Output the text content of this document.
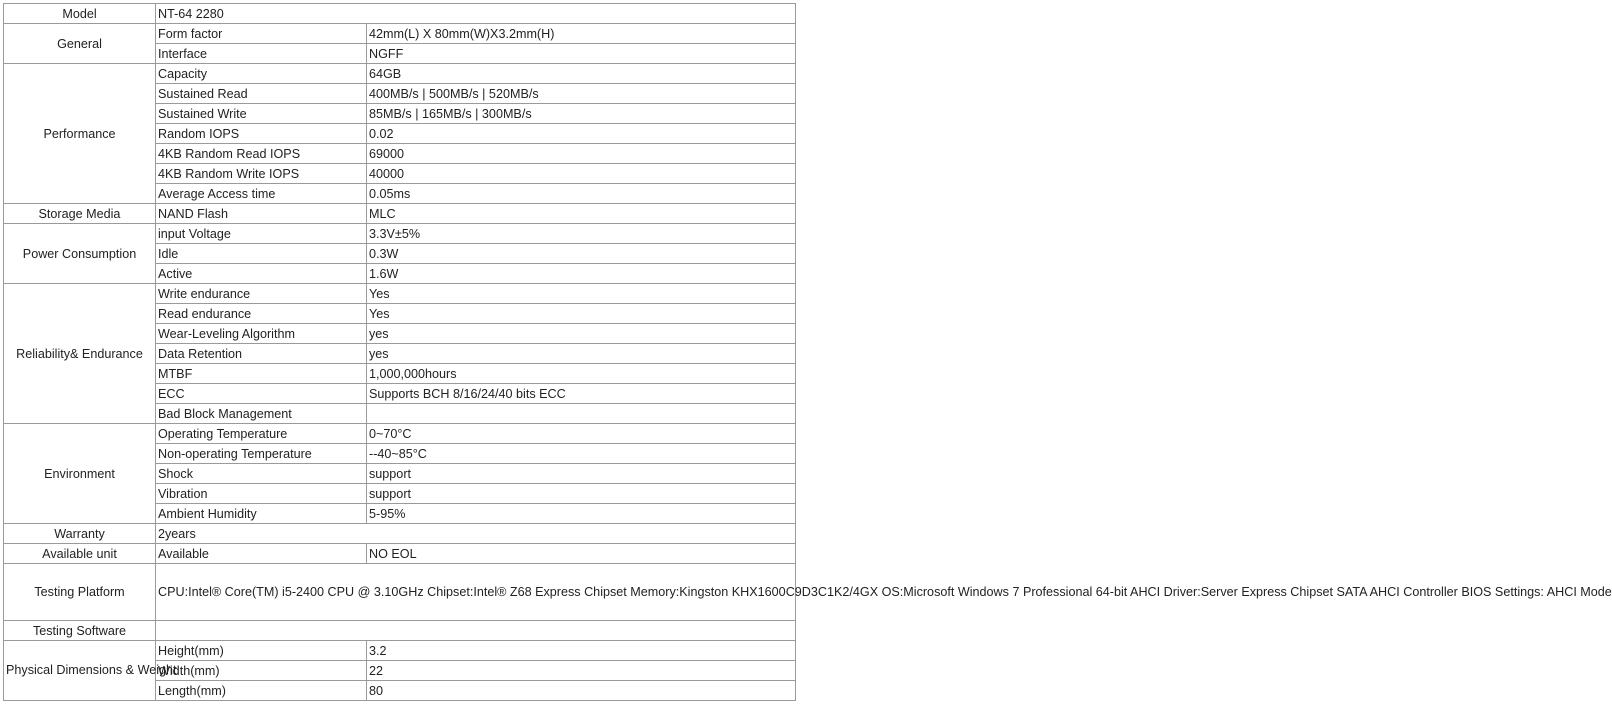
Model	NT-64 2280	
General	Form factor	42mm(L) X 80mm(W)X3.2mm(H)
	Interface	NGFF
Performance	Capacity	64GB
	Sustained Read	400MB/s | 500MB/s | 520MB/s
	Sustained Write	85MB/s | 165MB/s | 300MB/s
	Random IOPS	0.02
	4KB Random Read IOPS	69000
	4KB Random Write IOPS	40000
	Average Access time	0.05ms
Storage Media	NAND Flash	MLC
Power Consumption	input Voltage	3.3V±5%
	Idle	0.3W
	Active	1.6W
Reliability& Endurance	Write endurance	Yes
	Read endurance	Yes
	Wear-Leveling Algorithm	yes
	Data Retention	yes
	MTBF	1,000,000hours
	ECC	Supports BCH 8/16/24/40 bits ECC
	Bad Block Management	
Environment	Operating Temperature	0~70°C
	Non-operating Temperature	--40~85°C
	Shock	support
	Vibration	support
	Ambient Humidity	5-95%
Warranty	2years	
Available unit	Available	NO EOL
Testing Platform	CPU:Intel® Core(TM) i5-2400 CPU @ 3.10GHz Chipset:Intel® Z68 Express Chipset Memory:Kingston KHX1600C9D3C1K2/4GX OS:Microsoft Windows 7 Professional 64-bit AHCI Driver:Server Express Chipset SATA AHCI Controller BIOS Settings: AHCI Mode	
Testing Software		
Physical Dimensions & Weight	Height(mm)	3.2
	Width(mm)	22
	Length(mm)	80
